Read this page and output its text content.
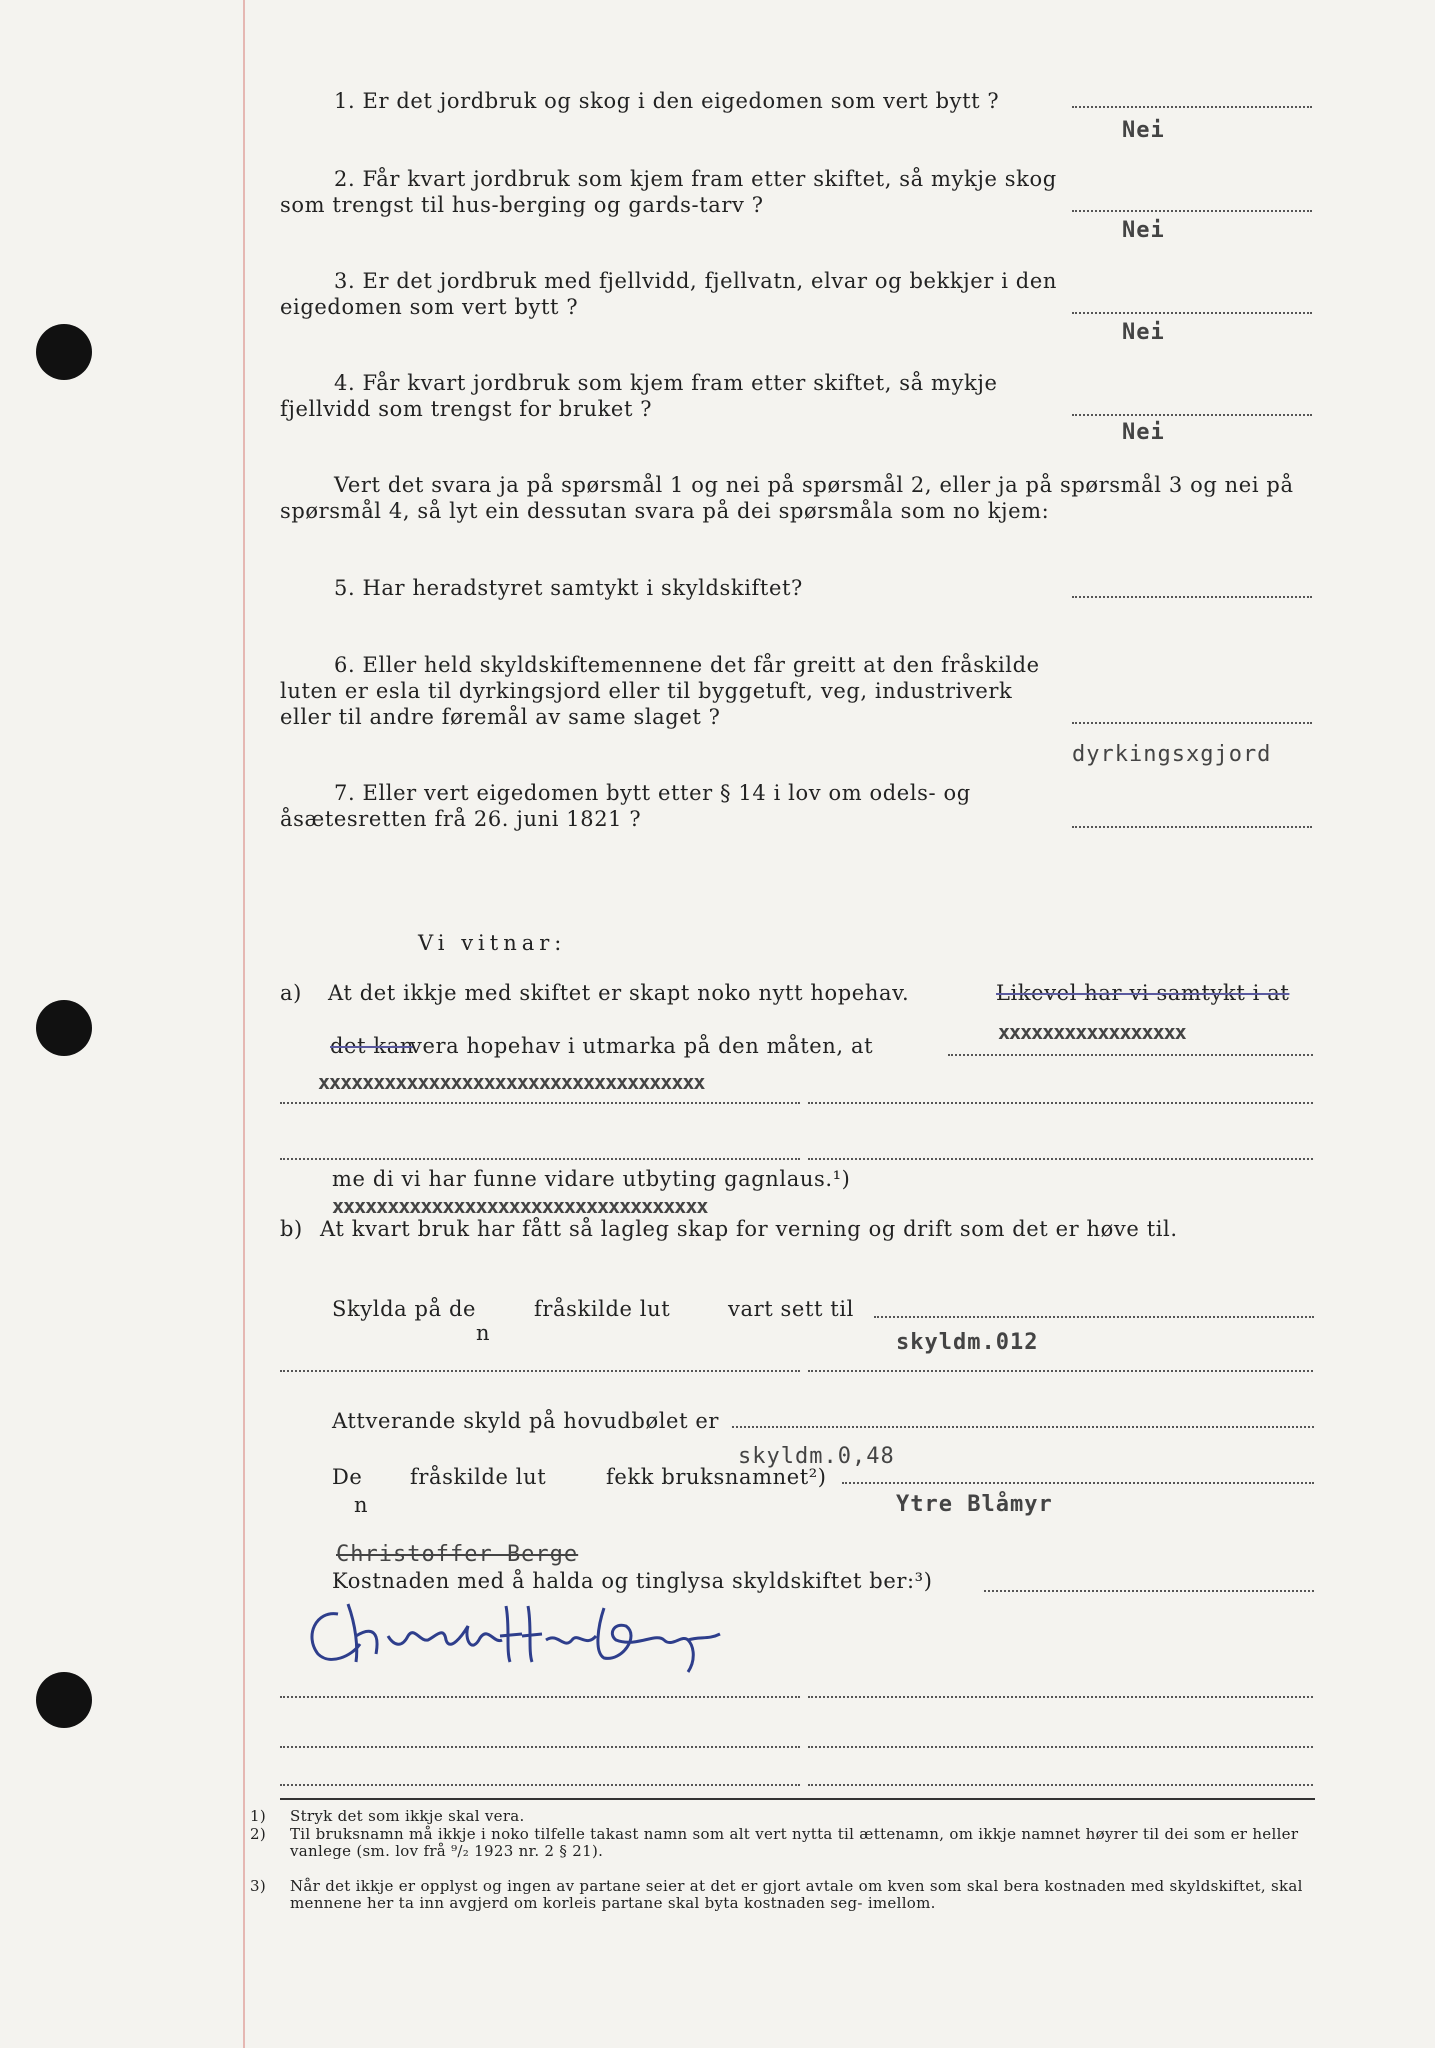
1. Er det jordbruk og skog i den eigedomen som vert bytt ?
Nei
2. Får kvart jordbruk som kjem fram etter skiftet, så mykje skog som trengst til hus-berging og gards-tarv ?
Nei
3. Er det jordbruk med fjellvidd, fjellvatn, elvar og bekkjer i den eigedomen som vert bytt ?
Nei
4. Får kvart jordbruk som kjem fram etter skiftet, så mykje fjellvidd som trengst for bruket ?
Nei
Vert det svara ja på spørsmål 1 og nei på spørsmål 2, eller ja på spørsmål 3 og nei på spørsmål 4, så lyt ein dessutan svara på dei spørsmåla som no kjem:
5. Har heradstyret samtykt i skyldskiftet?
6. Eller held skyldskiftemennene det får greitt at den fråskilde luten er esla til dyrkingsjord eller til byggetuft, veg, industriverk eller til andre føremål av same slaget ?
dyrkingsxgjord
7. Eller vert eigedomen bytt etter § 14 i lov om odels- og åsætesretten frå 26. juni 1821 ?
Vi vitnar:
a) At det ikkje med skiftet er skapt noko nytt hopehav.	Likevel har vi samtykt i at
det kan
vera hopehav i utmarka på den måten, at
xxxxxxxxxxxxxxxxx
xxxxxxxxxxxxxxxxxxxxxxxxxxxxxxxxxxx
me di vi har funne vidare utbyting gagnlaus.¹)
xxxxxxxxxxxxxxxxxxxxxxxxxxxxxxxxxx
b) At kvart bruk har fått så lagleg skap for verning og drift som det er høve til.
Skylda på de
n
fråskilde lut	vart sett til
skyldm.012
Attverande skyld på hovudbølet er
skyldm.0,48
De
n
fråskilde lut	fekk bruksnamnet²)
Ytre Blåmyr
Christoffer Berge
Kostnaden med å halda og tinglysa skyldskiftet ber:³)
1) Stryk det som ikkje skal vera.
2) Til bruksnamn må ikkje i noko tilfelle takast namn som alt vert nytta til ættenamn, om ikkje namnet høyrer til dei som er heller vanlege (sm. lov frå ⁹/₂ 1923 nr. 2 § 21).
3) Når det ikkje er opplyst og ingen av partane seier at det er gjort avtale om kven som skal bera kostnaden med skyldskiftet, skal mennene her ta inn avgjerd om korleis partane skal byta kostnaden seg- imellom.
